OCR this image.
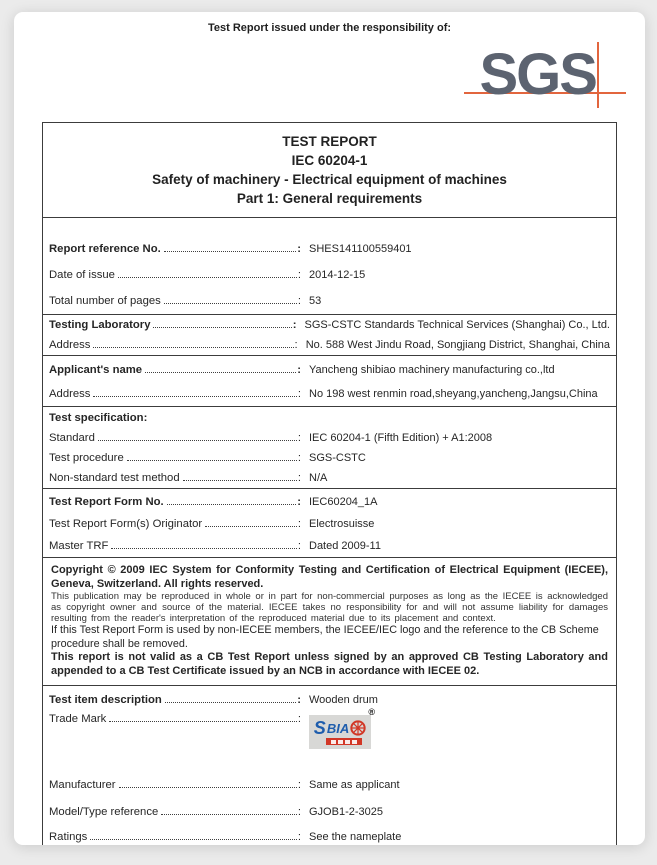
Test Report issued under the responsibility of:
SGS
TEST REPORT
IEC 60204-1
Safety of machinery - Electrical equipment of machines
Part 1: General requirements
Report reference No.	: SHES141100559401
Date of issue	: 2014-12-15
Total number of pages	: 53
Testing Laboratory	: SGS-CSTC Standards Technical Services (Shanghai) Co., Ltd.
Address	: No. 588 West Jindu Road, Songjiang District, Shanghai, China
Applicant's name	: Yancheng shibiao machinery manufacturing co.,ltd
Address	: No 198 west renmin road,sheyang,yancheng,Jangsu,China
Test specification:
Standard	: IEC 60204-1 (Fifth Edition) + A1:2008
Test procedure	: SGS-CSTC
Non-standard test method	: N/A
Test Report Form No.	: IEC60204_1A
Test Report Form(s) Originator	: Electrosuisse
Master TRF	: Dated 2009-11

Copyright © 2009 IEC System for Conformity Testing and Certification of Electrical Equipment (IECEE), Geneva, Switzerland. All rights reserved.

This publication may be reproduced in whole or in part for non-commercial purposes as long as the IECEE is acknowledged as copyright owner and source of the material. IECEE takes no responsibility for and will not assume liability for damages resulting from the reader's interpretation of the reproduced material due to its placement and context.

If this Test Report Form is used by non-IECEE members, the IECEE/IEC logo and the reference to the CB Scheme procedure shall be removed.

This report is not valid as a CB Test Report unless signed by an approved CB Testing Laboratory and appended to a CB Test Certificate issued by an NCB in accordance with IECEE 02.

Test item description	: Wooden drum
Trade Mark	:
®
S BIA
Manufacturer	: Same as applicant
Model/Type reference	: GJOB1-2-3025
Ratings	: See the nameplate
